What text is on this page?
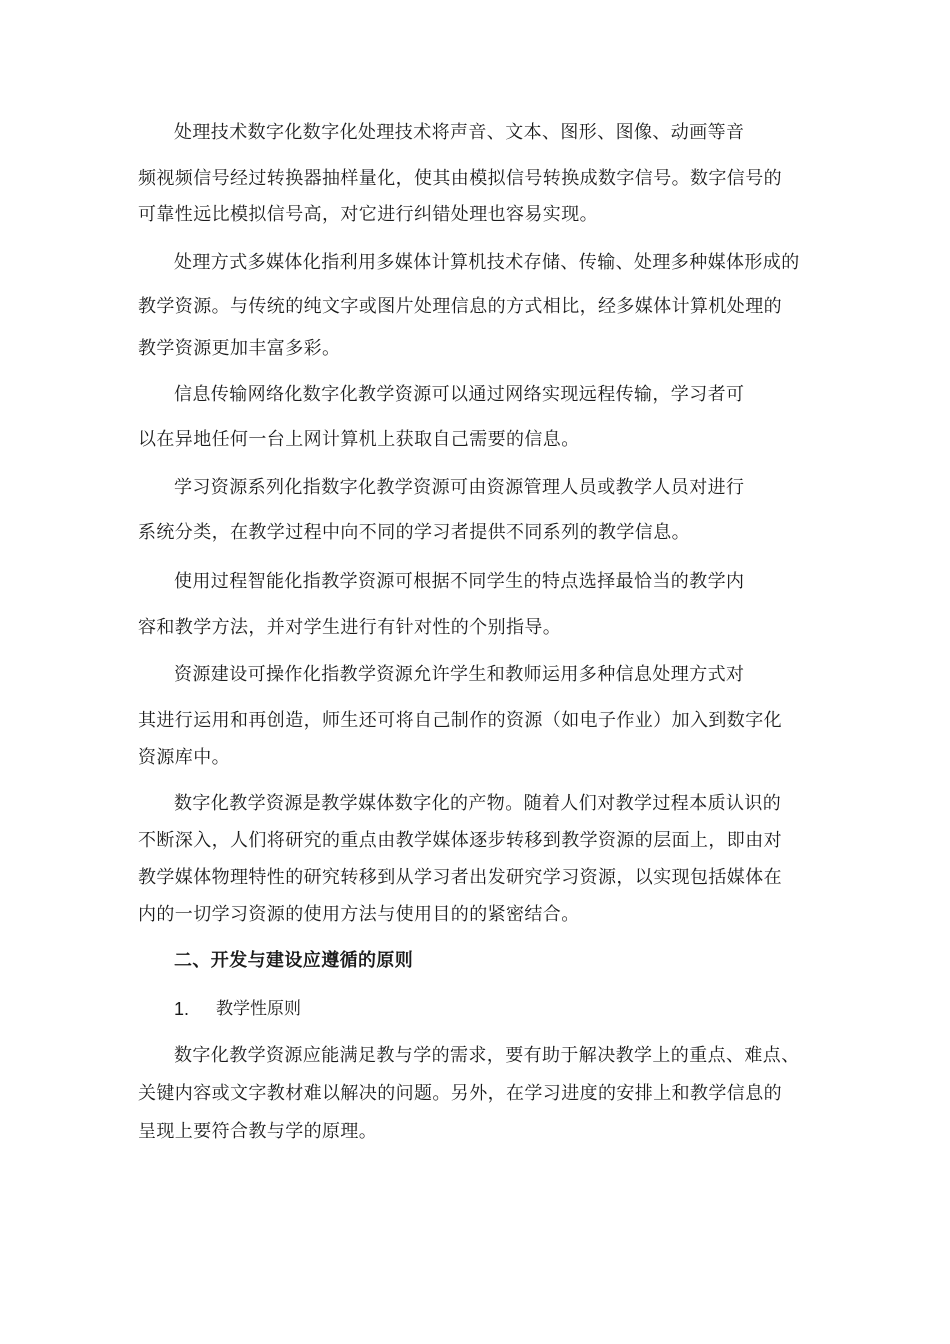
处理技术数字化数字化处理技术将声音、文本、图形、图像、动画等音
频视频信号经过转换器抽样量化，使其由模拟信号转换成数字信号。数字信号的
可靠性远比模拟信号高，对它进行纠错处理也容易实现。
处理方式多媒体化指利用多媒体计算机技术存储、传输、处理多种媒体形成的
教学资源。与传统的纯文字或图片处理信息的方式相比，经多媒体计算机处理的
教学资源更加丰富多彩。
信息传输网络化数字化教学资源可以通过网络实现远程传输，学习者可
以在异地任何一台上网计算机上获取自己需要的信息。
学习资源系列化指数字化教学资源可由资源管理人员或教学人员对进行
系统分类，在教学过程中向不同的学习者提供不同系列的教学信息。
使用过程智能化指教学资源可根据不同学生的特点选择最恰当的教学内
容和教学方法，并对学生进行有针对性的个别指导。
资源建设可操作化指教学资源允许学生和教师运用多种信息处理方式对
其进行运用和再创造，师生还可将自己制作的资源（如电子作业）加入到数字化
资源库中。
数字化教学资源是教学媒体数字化的产物。随着人们对教学过程本质认识的
不断深入，人们将研究的重点由教学媒体逐步转移到教学资源的层面上，即由对
教学媒体物理特性的研究转移到从学习者出发研究学习资源，以实现包括媒体在
内的一切学习资源的使用方法与使用目的的紧密结合。
二、开发与建设应遵循的原则
1. 教学性原则
数字化教学资源应能满足教与学的需求，要有助于解决教学上的重点、难点、
关键内容或文字教材难以解决的问题。另外，在学习进度的安排上和教学信息的
呈现上要符合教与学的原理。
